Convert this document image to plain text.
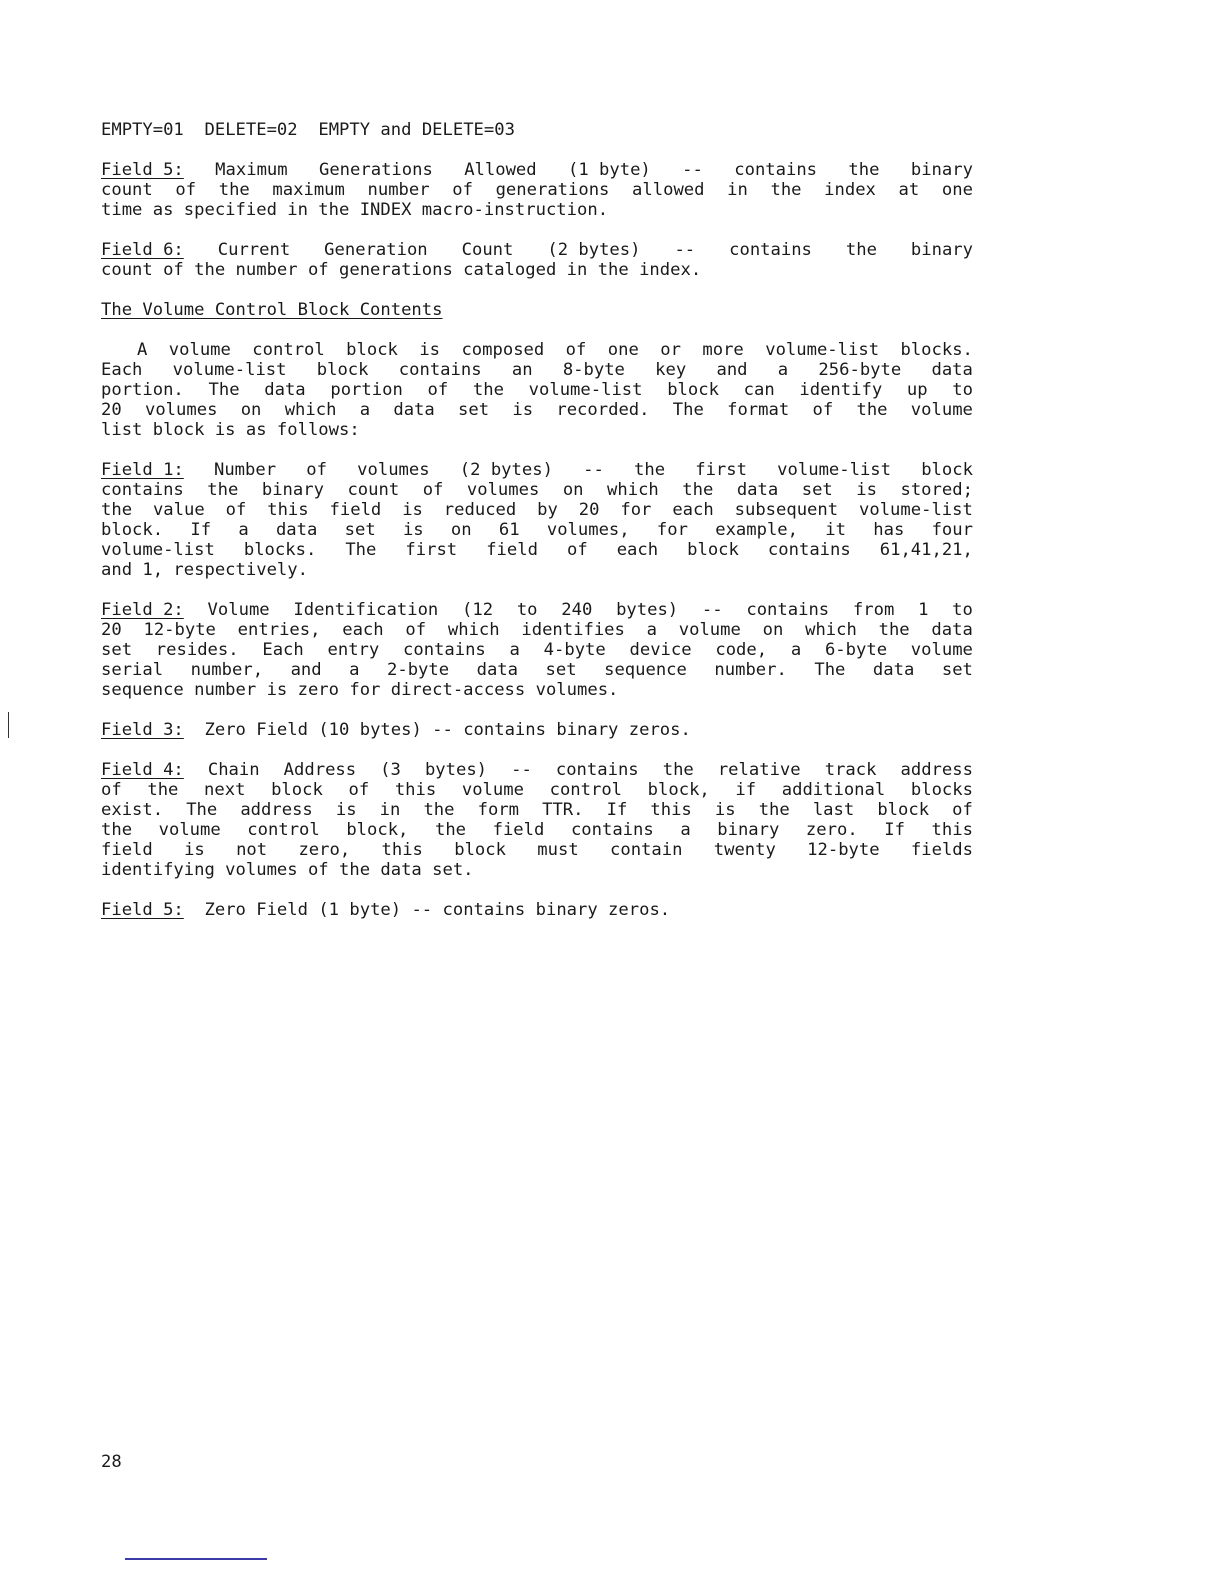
EMPTY=01
DELETE=02
EMPTY and DELETE=03
Field 5: Maximum Generations Allowed (1 byte) -- contains the binary
count of the maximum number of generations allowed in the index at one
time as specified in the INDEX macro-instruction.
Field 6: Current Generation Count (2 bytes) -- contains the binary
count of the number of generations cataloged in the index.
The Volume Control Block Contents
A volume control block is composed of one or more volume-list blocks.
Each volume-list block contains an 8-byte key and a 256-byte data
portion. The data portion of the volume-list block can identify up to
20 volumes on which a data set is recorded. The format of the volume
list block is as follows:
Field 1: Number of volumes (2 bytes) -- the first volume-list block
contains the binary count of volumes on which the data set is stored;
the value of this field is reduced by 20 for each subsequent volume-list
block. If a data set is on 61 volumes, for example, it has four
volume-list blocks. The first field of each block contains 61,41,21,
and 1, respectively.
Field 2: Volume Identification (12 to 240 bytes) -- contains from 1 to
20 12-byte entries, each of which identifies a volume on which the data
set resides. Each entry contains a 4-byte device code, a 6-byte volume
serial number, and a 2-byte data set sequence number. The data set
sequence number is zero for direct-access volumes.
Field 3:
Zero Field (10 bytes) -- contains binary zeros.
Field 4: Chain Address (3 bytes) -- contains the relative track address
of the next block of this volume control block, if additional blocks
exist. The address is in the form TTR. If this is the last block of
the volume control block, the field contains a binary zero. If this
field is not zero, this block must contain twenty 12-byte fields
identifying volumes of the data set.
Field 5:
Zero Field (1 byte) -- contains binary zeros.
28
